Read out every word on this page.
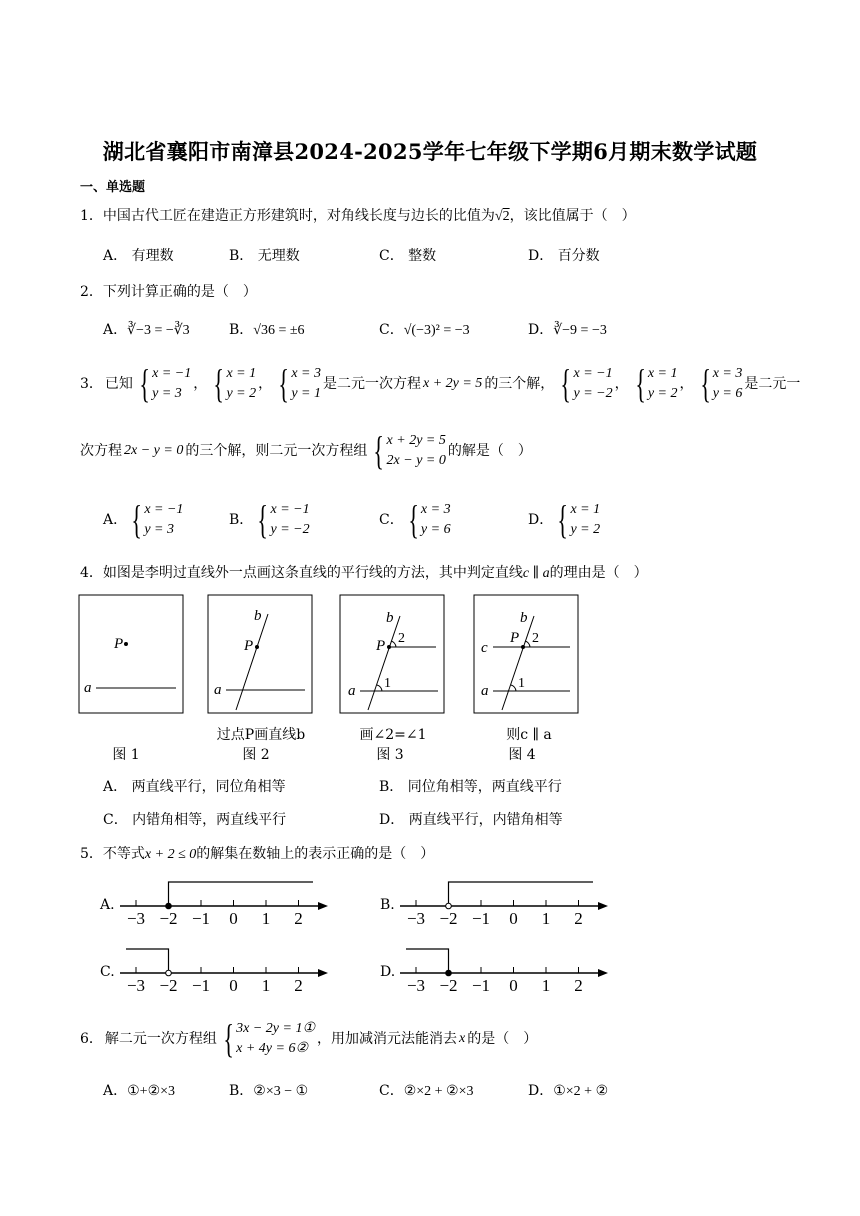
湖北省襄阳市南漳县2024-2025学年七年级下学期6月期末数学试题
一、单选题
1．中国古代工匠在建造正方形建筑时，对角线长度与边长的比值为√2，该比值属于（　）
A． 有理数	B． 无理数	C． 整数	D． 百分数
2．下列计算正确的是（　）
A．∛−3 = −∛3	B．√36 = ±6	C．√(−3)² = −3	D．∛−9 = −3
3． 已知 { x = −1
y = 3
， { x = 1
y = 2
， { x = 3
y = 1
是二元一次方程 x + 2y = 5 的三个解， { x = −1
y = −2
， { x = 1
y = 2
， { x = 3
y = 6
是二元一
次方程 2x − y = 0 的三个解，则二元一次方程组 { x + 2y = 5
2x − y = 0
的解是（　）
A． { x = −1
y = 3
B． { x = −1
y = −2
C． { x = 3
y = 6
D． { x = 1
y = 2
4．如图是李明过直线外一点画这条直线的平行线的方法，其中判定直线c ∥ a的理由是（　）
P
a
b
P
a
b
P 2
a 1
b
P
c
2
a 1
图 1
过点P画直线b
图 2
画∠2=∠1
图 3
则c ∥ a
图 4
A． 两直线平行，同位角相等	B． 同位角相等，两直线平行
C． 内错角相等，两直线平行	D． 两直线平行，内错角相等
5．不等式x + 2 ≤ 0的解集在数轴上的表示正确的是（　）
A.
−3 −2 −1 0 1 2
B.
−3 −2 −1 0 1 2
C.
−3 −2 −1 0 1 2
D.
−3 −2 −1 0 1 2
6． 解二元一次方程组 { 3x − 2y = 1①
x + 4y = 6②
，用加减消元法能消去 x 的是（　）
A．①+②×3	B．②×3 − ①	C．②×2 + ②×3	D．①×2 + ②
